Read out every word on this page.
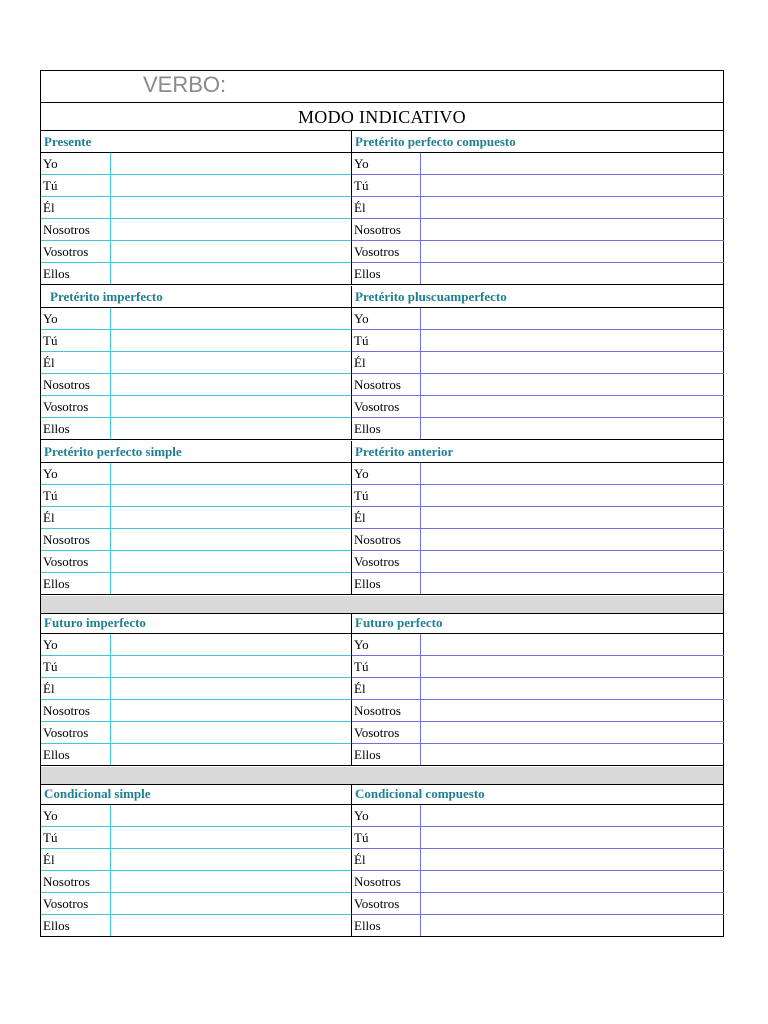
VERBO:
MODO INDICATIVO
Presente
Yo
Tú
Él
Nosotros
Vosotros
Ellos
Pretérito perfecto compuesto
Yo
Tú
Él
Nosotros
Vosotros
Ellos
Pretérito imperfecto
Yo
Tú
Él
Nosotros
Vosotros
Ellos
Pretérito pluscuamperfecto
Yo
Tú
Él
Nosotros
Vosotros
Ellos
Pretérito perfecto simple
Yo
Tú
Él
Nosotros
Vosotros
Ellos
Pretérito anterior
Yo
Tú
Él
Nosotros
Vosotros
Ellos
Futuro imperfecto
Yo
Tú
Él
Nosotros
Vosotros
Ellos
Futuro perfecto
Yo
Tú
Él
Nosotros
Vosotros
Ellos
Condicional simple
Yo
Tú
Él
Nosotros
Vosotros
Ellos
Condicional compuesto
Yo
Tú
Él
Nosotros
Vosotros
Ellos
